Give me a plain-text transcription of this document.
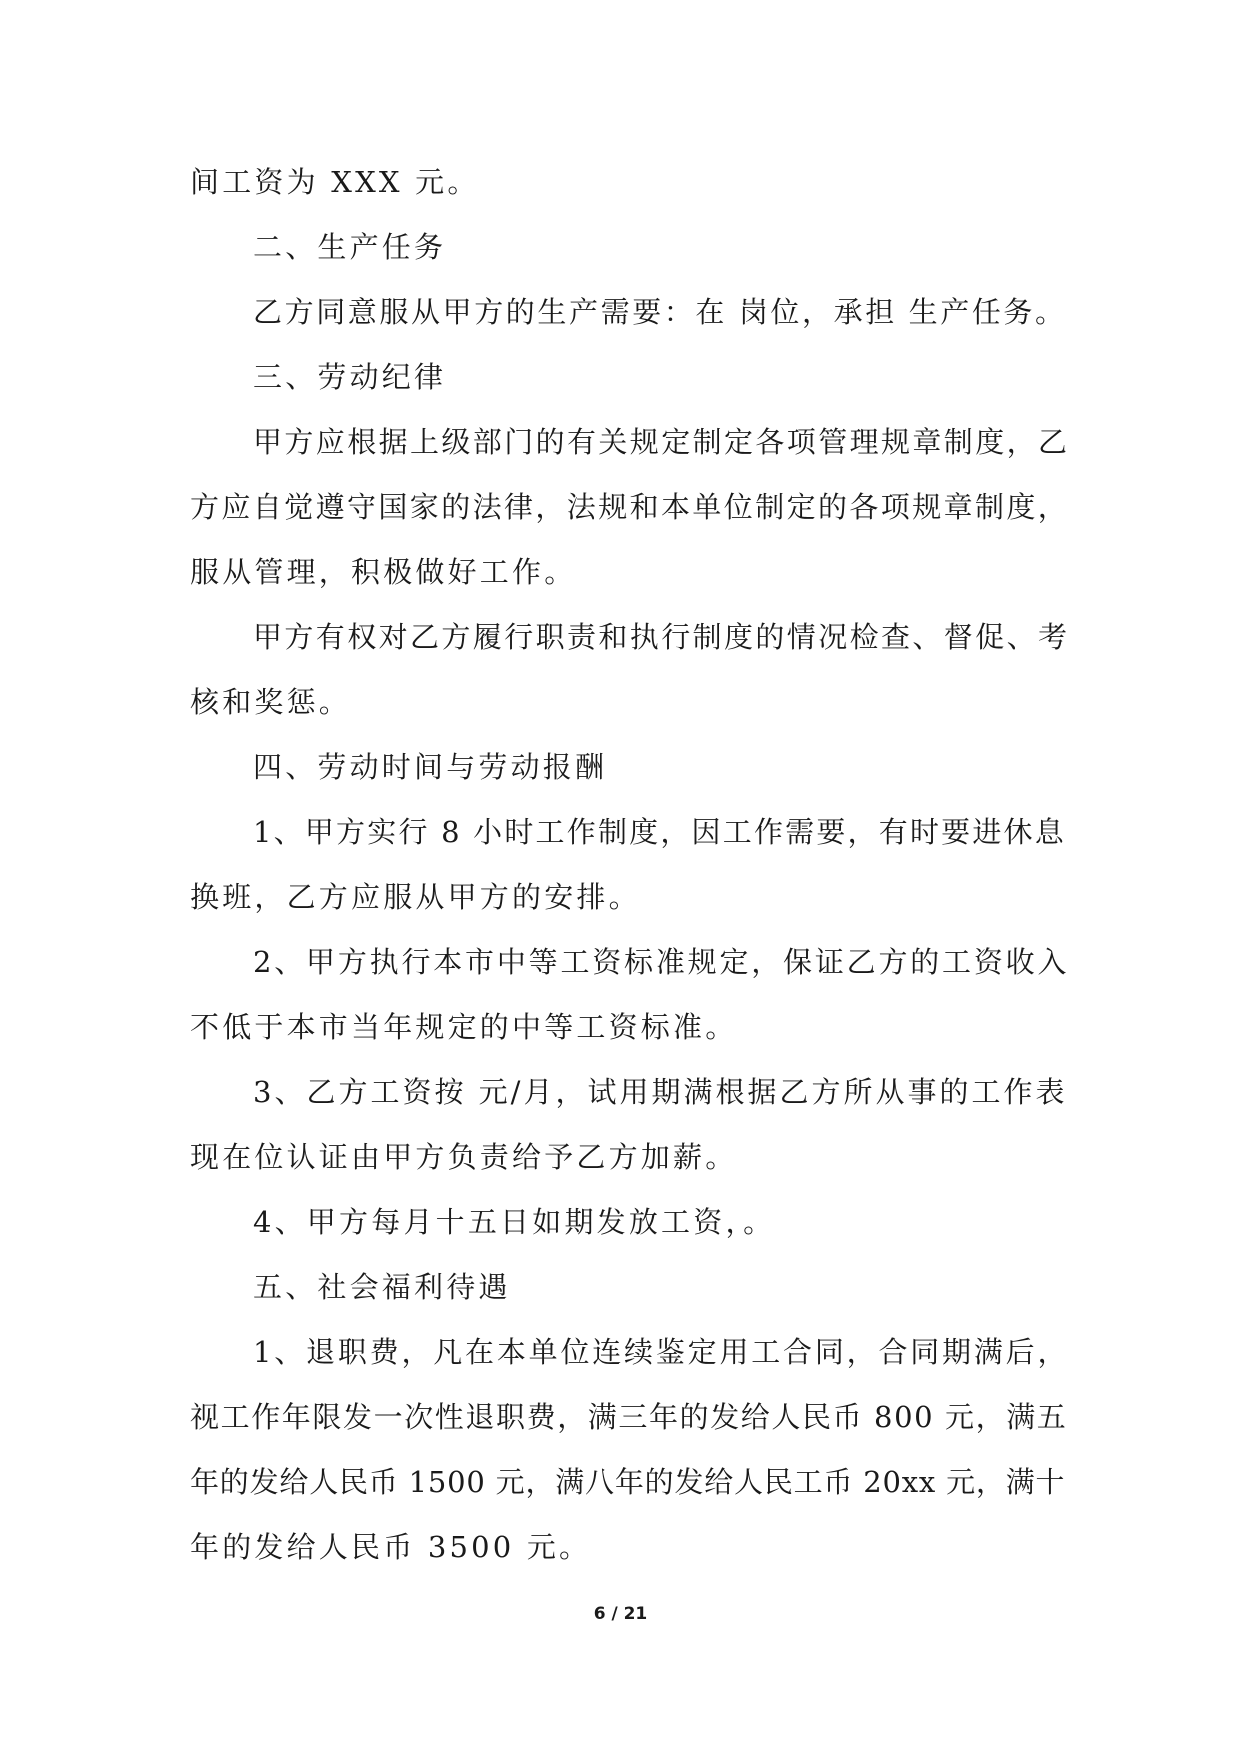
间工资为 XXX 元。

二、生产任务

乙方同意服从甲方的生产需要：在 岗位，承担 生产任务。

三、劳动纪律

甲方应根据上级部门的有关规定制定各项管理规章制度，乙

方应自觉遵守国家的法律，法规和本单位制定的各项规章制度，

服从管理，积极做好工作。

甲方有权对乙方履行职责和执行制度的情况检查、督促、考

核和奖惩。

四、劳动时间与劳动报酬

1、甲方实行 8 小时工作制度，因工作需要，有时要进休息

换班，乙方应服从甲方的安排。

2、甲方执行本市中等工资标准规定，保证乙方的工资收入

不低于本市当年规定的中等工资标准。

3、乙方工资按 元/月，试用期满根据乙方所从事的工作表

现在位认证由甲方负责给予乙方加薪。

4、甲方每月十五日如期发放工资，。

五、社会福利待遇

1、退职费，凡在本单位连续鉴定用工合同，合同期满后，

视工作年限发一次性退职费，满三年的发给人民币 800 元，满五

年的发给人民币 1500 元，满八年的发给人民工币 20xx 元，满十

年的发给人民币 3500 元。

6 / 21
